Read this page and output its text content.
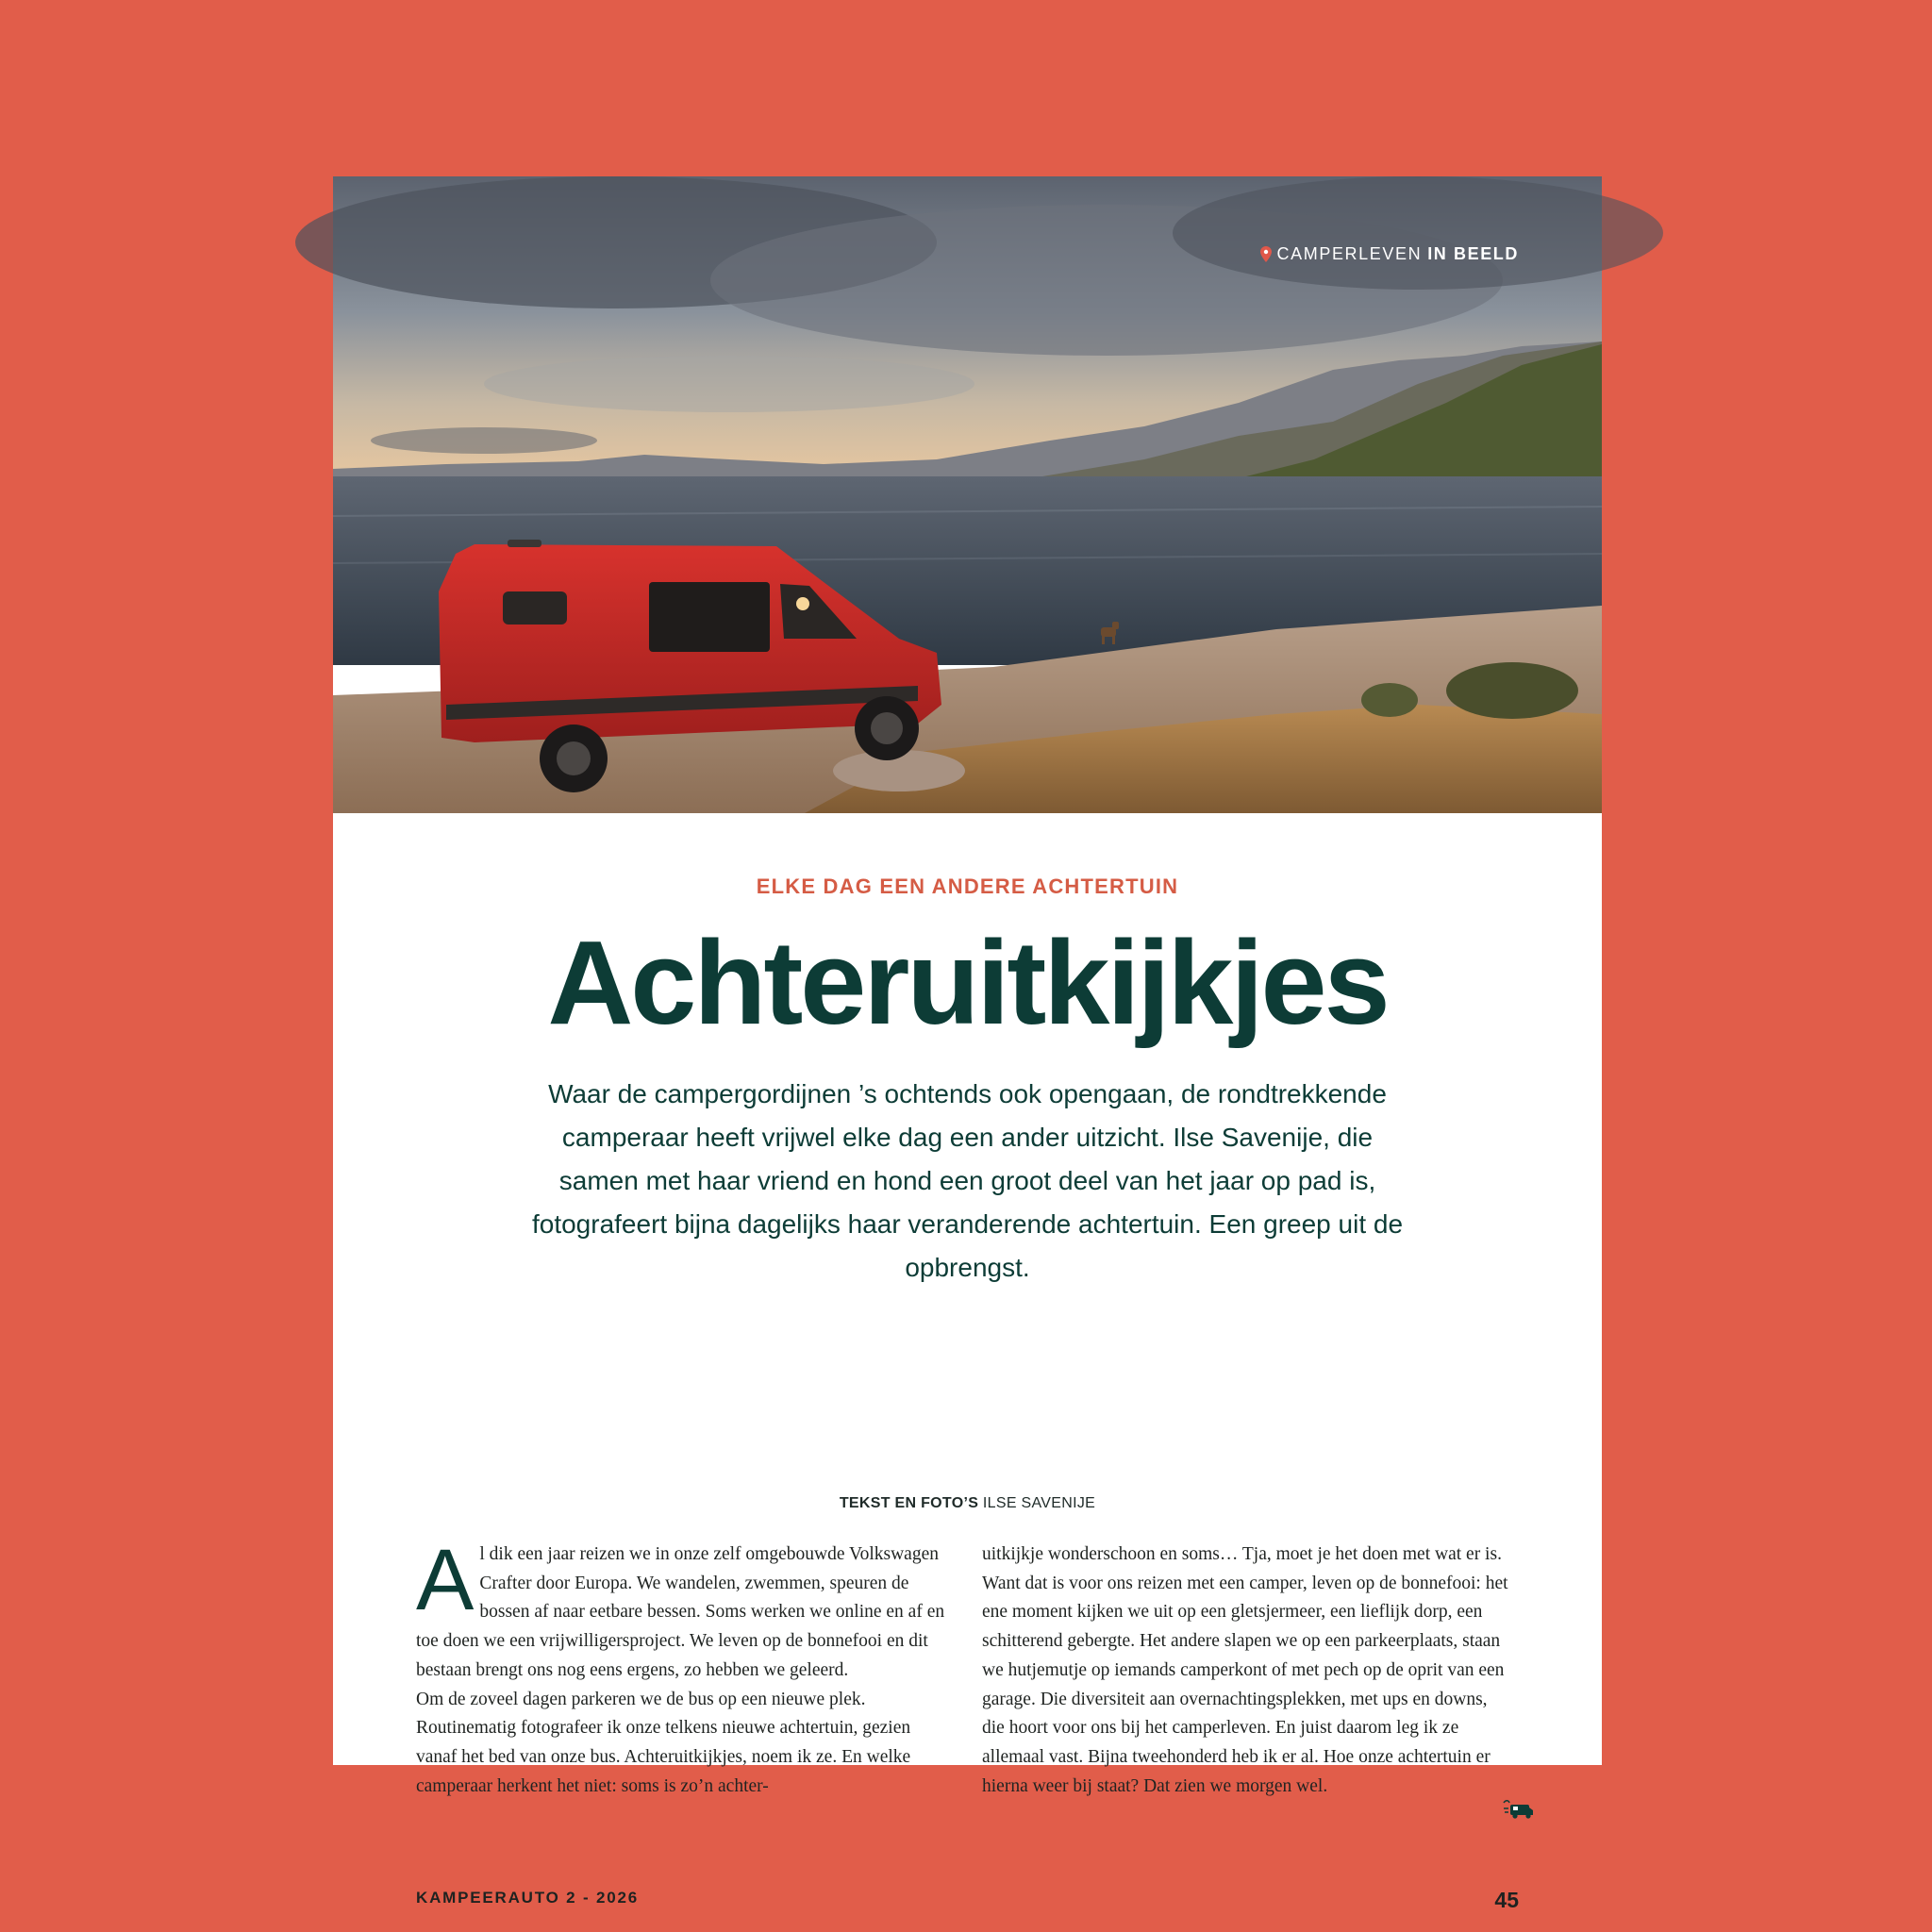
CAMPERLEVEN IN BEELD
ELKE DAG EEN ANDERE ACHTERTUIN
Achteruitkijkjes
Waar de campergordijnen ’s ochtends ook opengaan, de rondtrekkende camperaar heeft vrijwel elke dag een ander uitzicht. Ilse Savenije, die samen met haar vriend en hond een groot deel van het jaar op pad is, fotografeert bijna dagelijks haar veranderende achtertuin. Een greep uit de opbrengst.
TEKST EN FOTO’S ILSE SAVENIJE
Al dik een jaar reizen we in onze zelf omgebouwde Volkswagen Crafter door Europa. We wandelen, zwemmen, speuren de bossen af naar eetbare bessen. Soms werken we online en af en toe doen we een vrijwilligersproject. We leven op de bonnefooi en dit bestaan brengt ons nog eens ergens, zo hebben we geleerd.
Om de zoveel dagen parkeren we de bus op een nieuwe plek. Routinematig fotografeer ik onze telkens nieuwe achtertuin, gezien vanaf het bed van onze bus. Achteruitkijkjes, noem ik ze. En welke camperaar herkent het niet: soms is zo’n achter-
uitkijkje wonderschoon en soms… Tja, moet je het doen met wat er is. Want dat is voor ons reizen met een camper, leven op de bonnefooi: het ene moment kijken we uit op een gletsjermeer, een lieflijk dorp, een schitterend gebergte. Het andere slapen we op een parkeerplaats, staan we hutjemutje op iemands camperkont of met pech op de oprit van een garage. Die diversiteit aan overnachtingsplekken, met ups en downs, die hoort voor ons bij het camperleven. En juist daarom leg ik ze allemaal vast. Bijna tweehonderd heb ik er al. Hoe onze achtertuin er hierna weer bij staat? Dat zien we morgen wel.
KAMPEERAUTO 2 - 2026	45
